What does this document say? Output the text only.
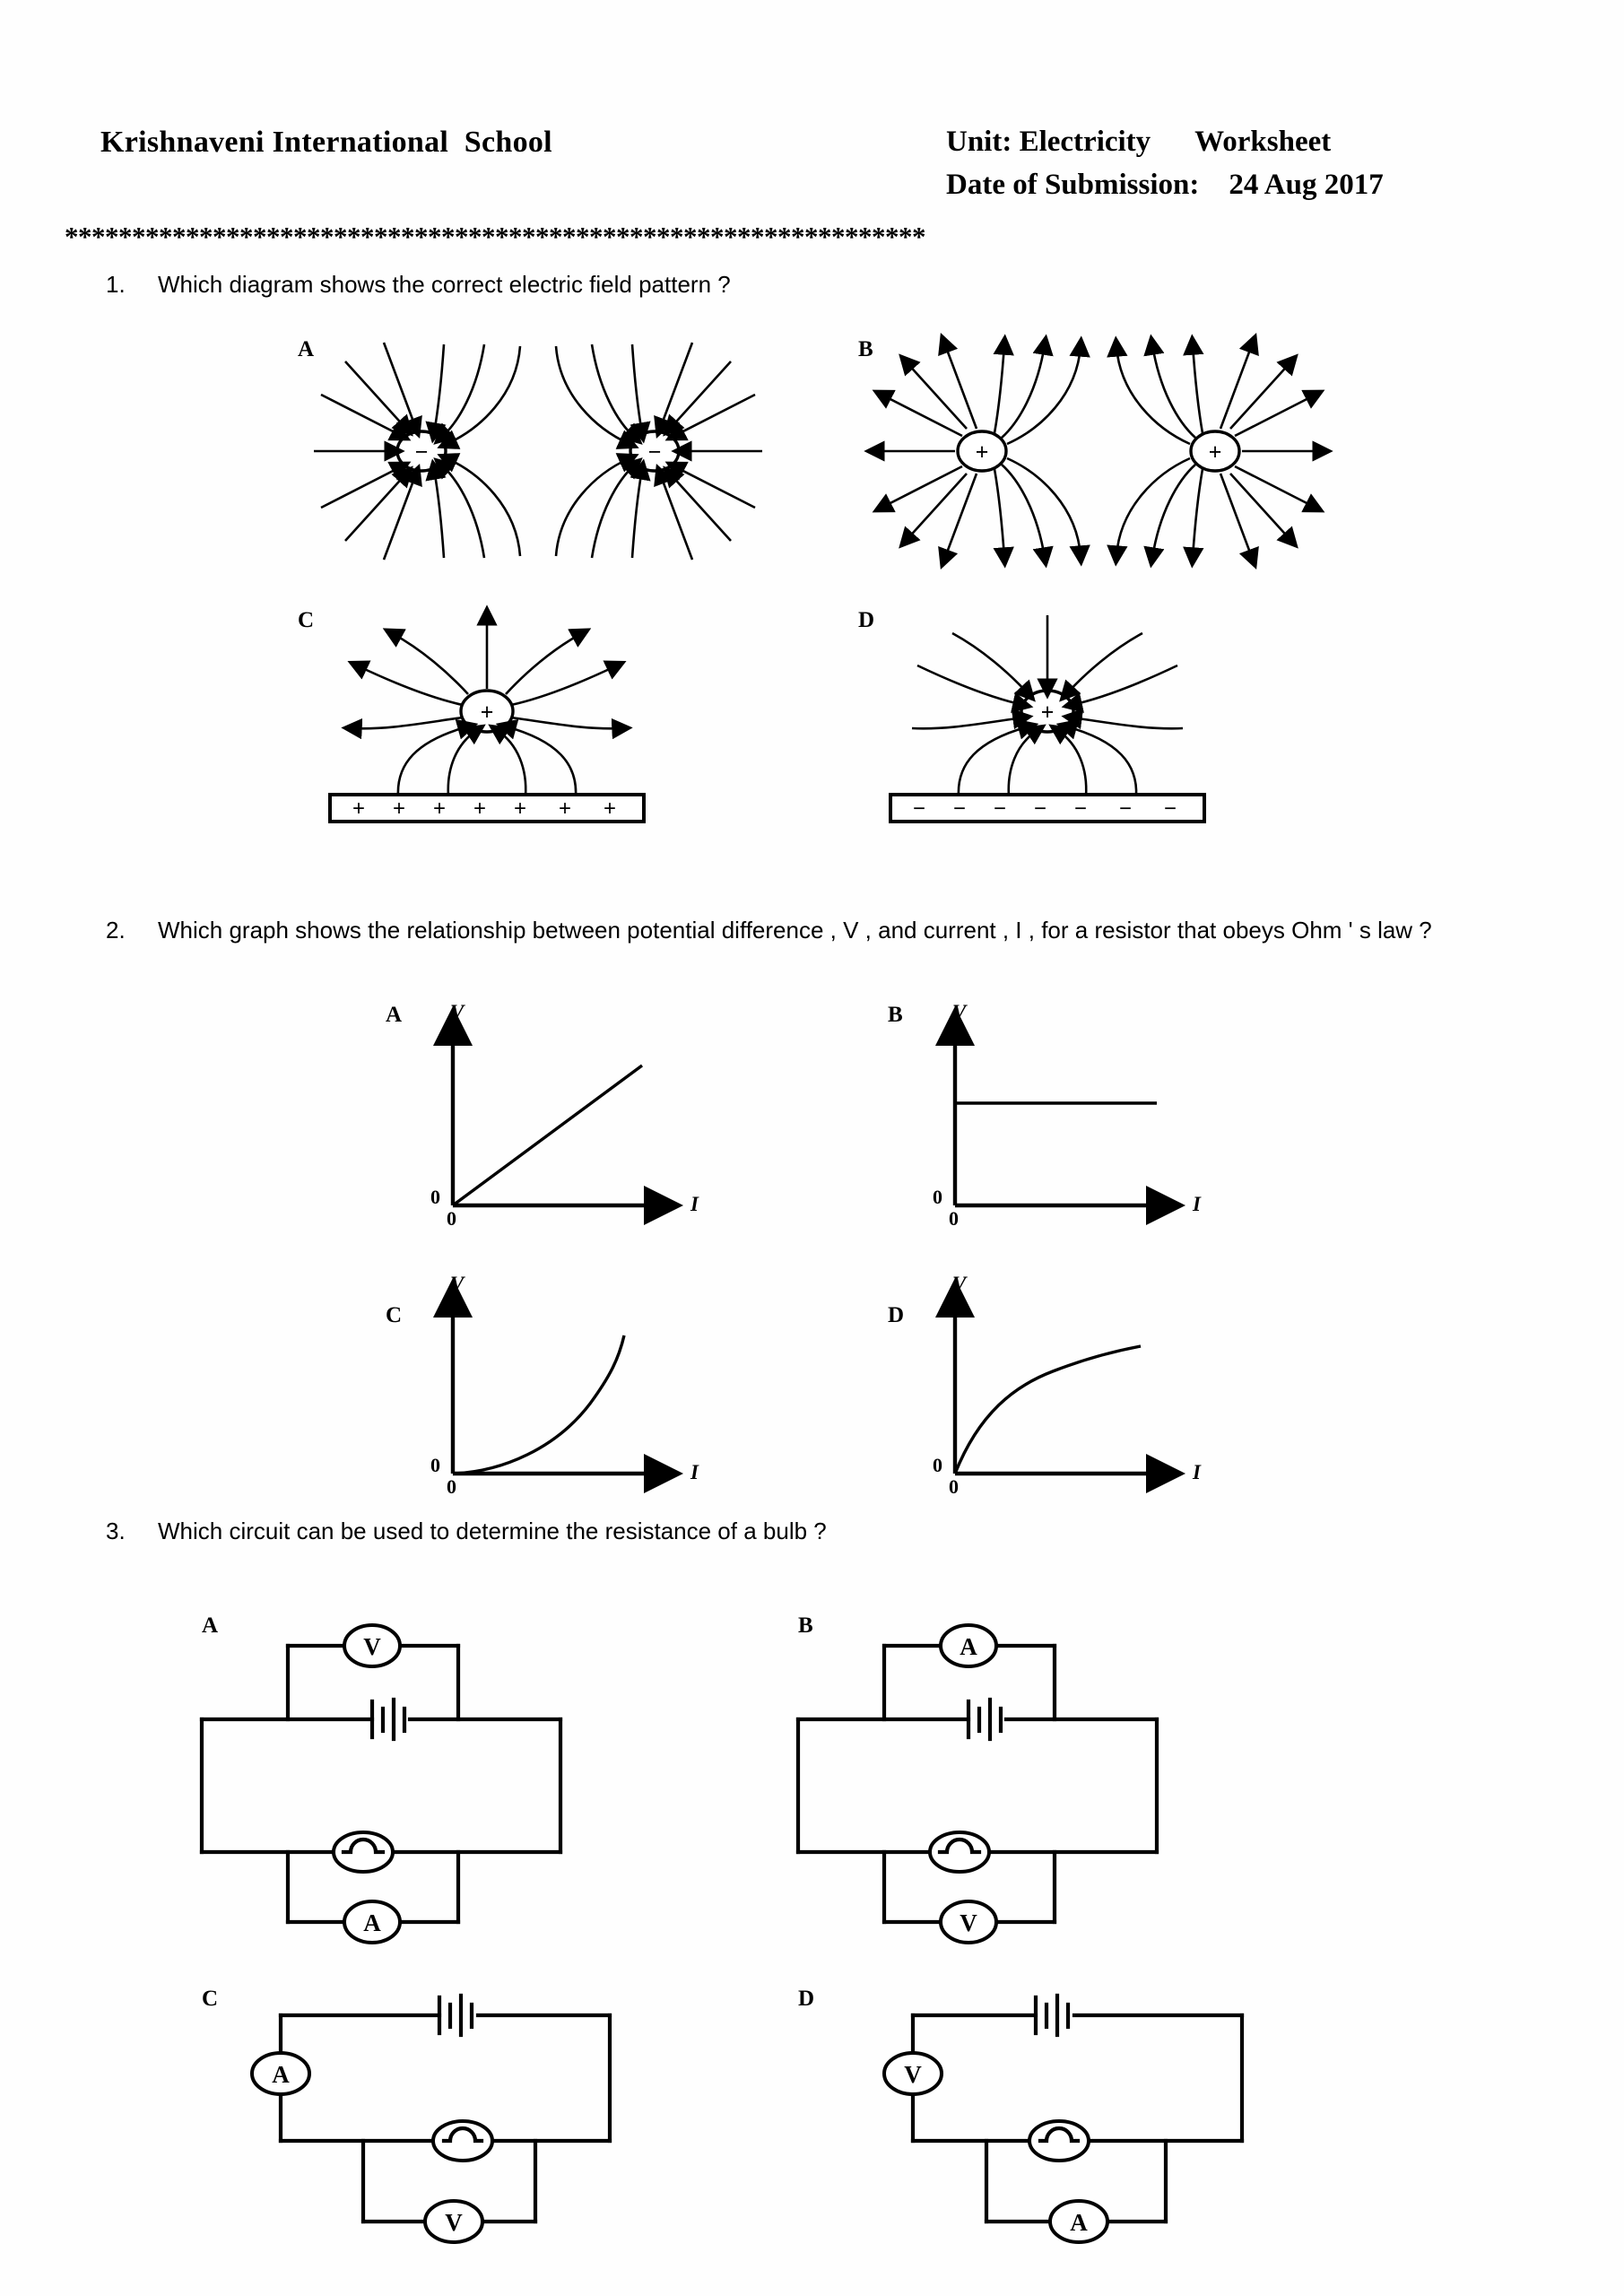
Krishnaveni International  School	Unit: Electricity      Worksheet
Date of Submission:    24 Aug 2017
****************************************************************
1.	Which diagram shows the correct electric field pattern ?
A
−	−
B
+	+
C
+
+ + + + + + +
D
+
− − − − − − −
2.	Which graph shows the relationship between potential difference , V , and current , I , for a resistor that obeys Ohm ' s law ?
A V
I
0
0
B V
I
0
0
C
V
I
0
0
D
V
I
0
0
3.	Which circuit can be used to determine the resistance of a bulb ?
A
V
A
B
A
V
C
A
V
D
V
A
